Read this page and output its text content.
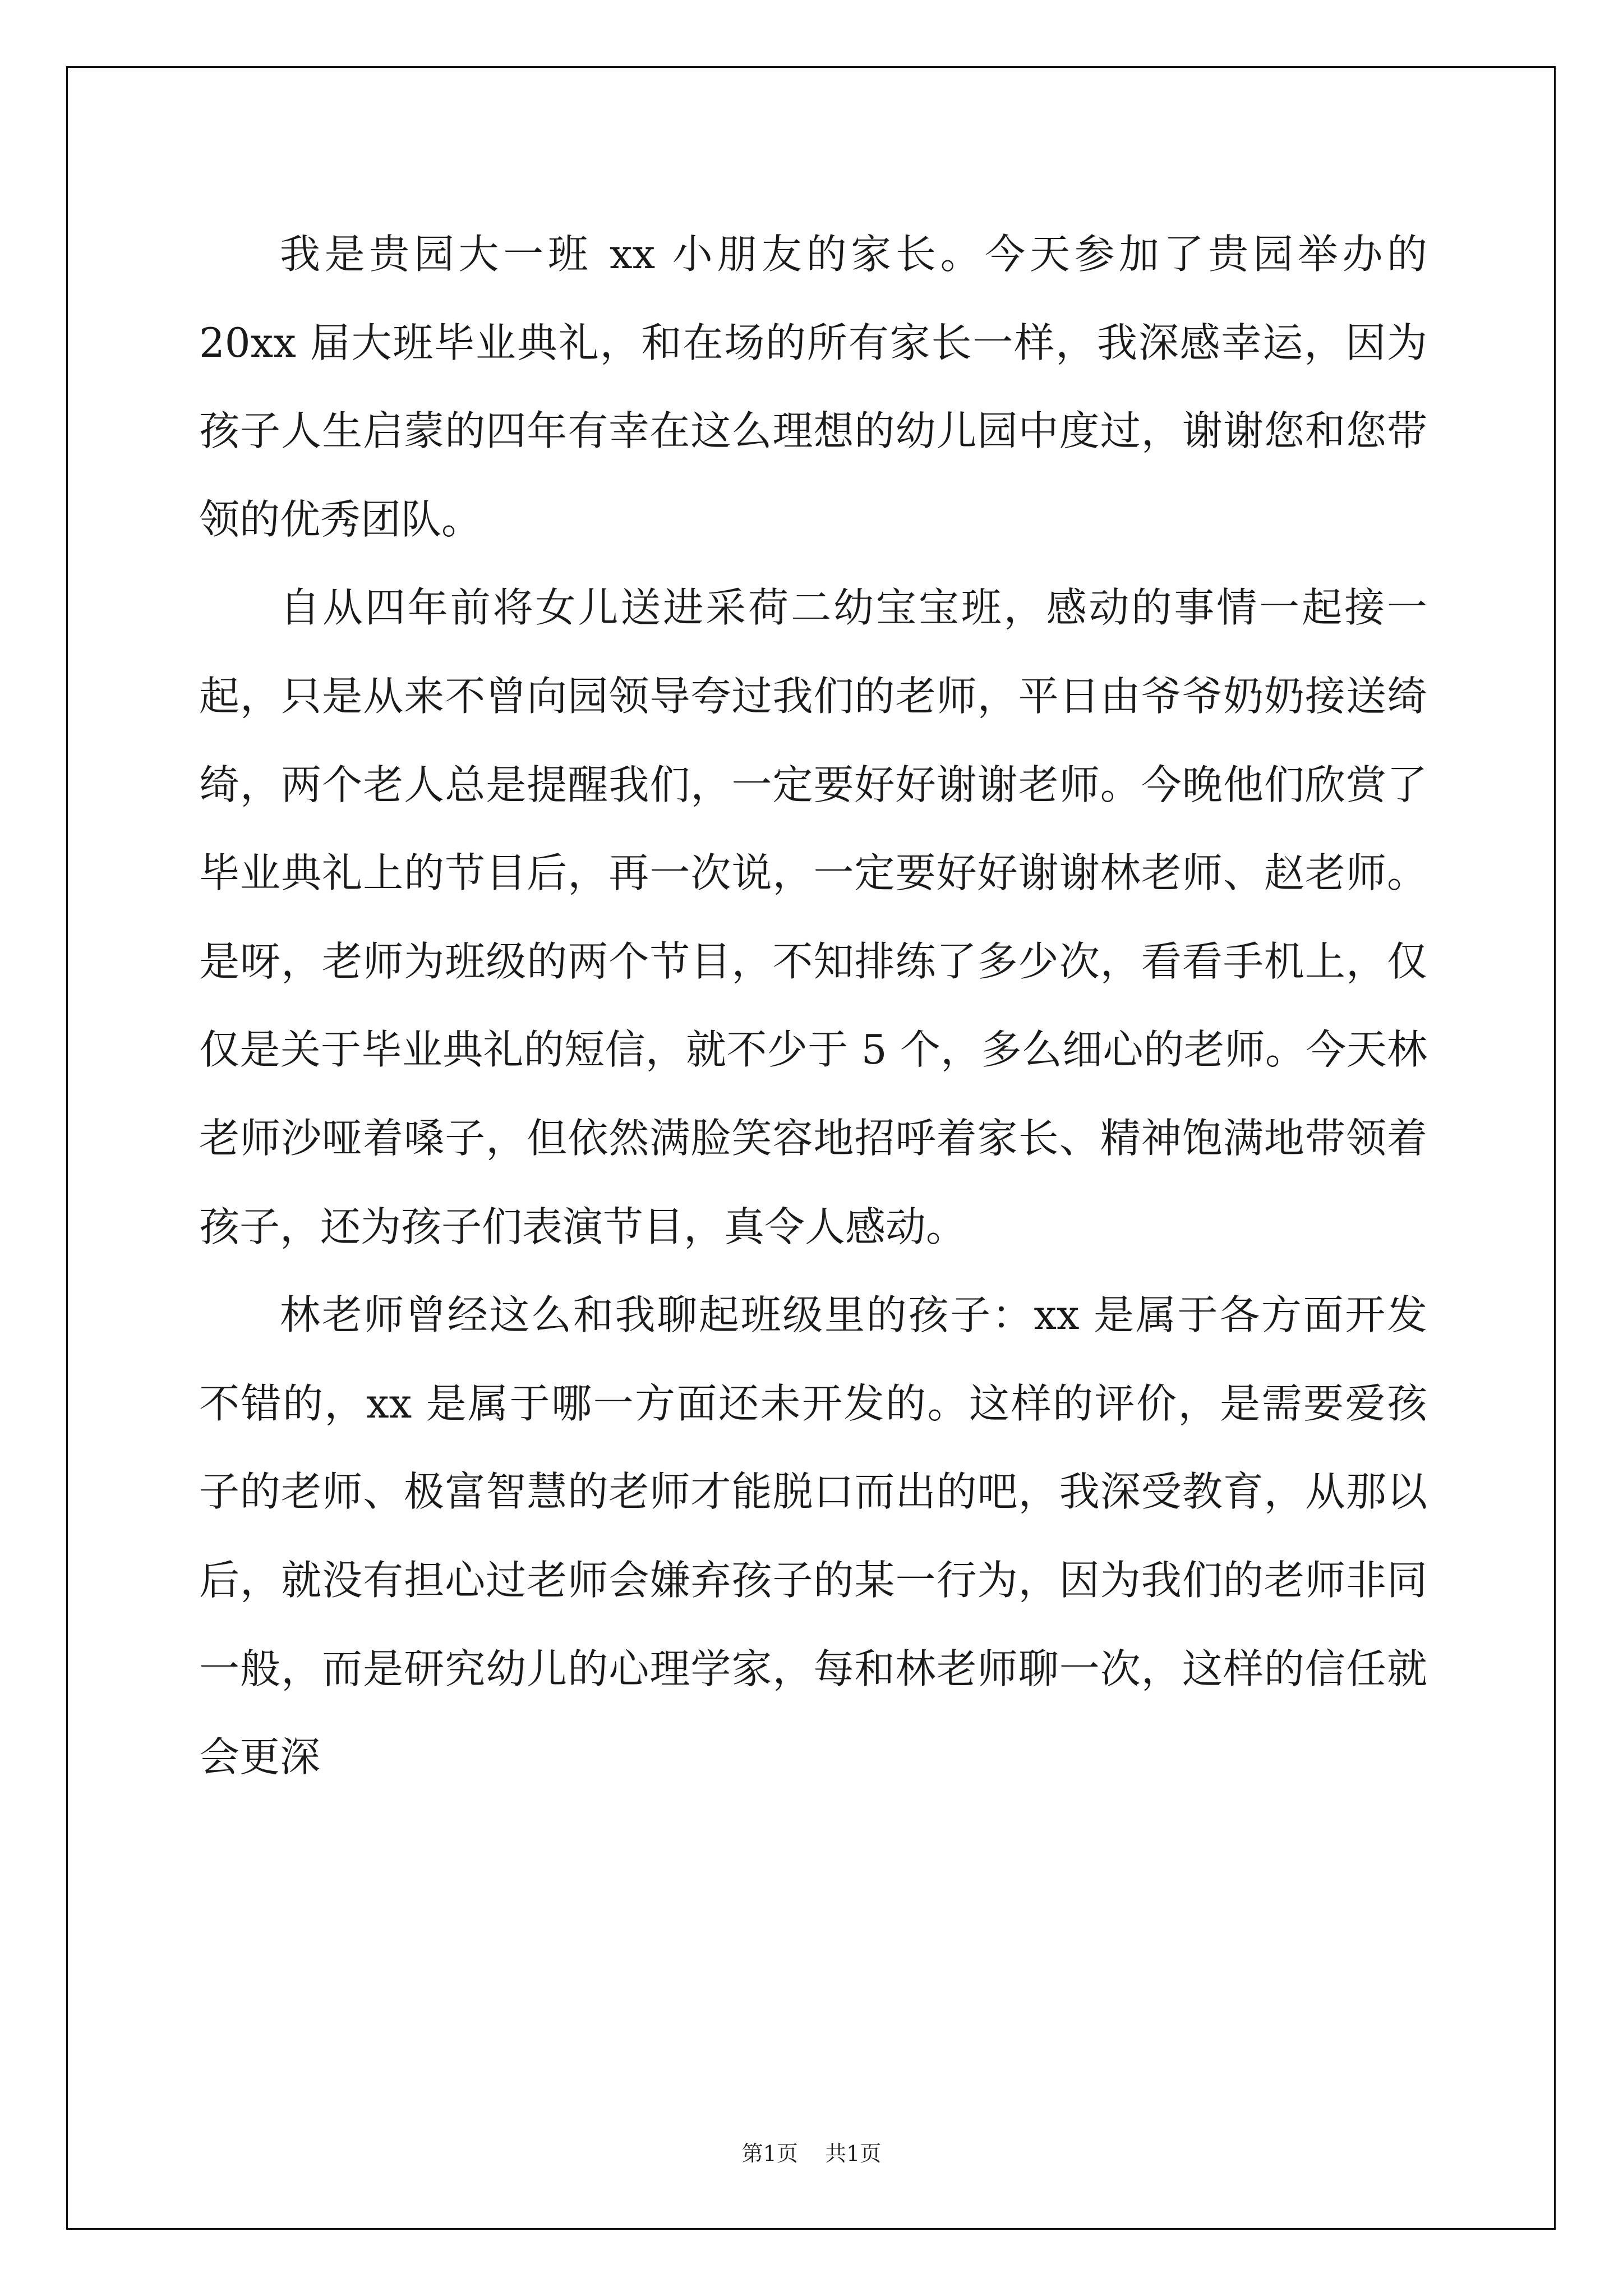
我是贵园大一班 xx 小朋友的家长。今天参加了贵园举办的 20xx 届大班毕业典礼，和在场的所有家长一样，我深感幸运，因为孩子人生启蒙的四年有幸在这么理想的幼儿园中度过，谢谢您和您带领的优秀团队。

自从四年前将女儿送进采荷二幼宝宝班，感动的事情一起接一起，只是从来不曾向园领导夸过我们的老师，平日由爷爷奶奶接送绮绮，两个老人总是提醒我们，一定要好好谢谢老师。今晚他们欣赏了毕业典礼上的节目后，再一次说，一定要好好谢谢林老师、赵老师。是呀，老师为班级的两个节目，不知排练了多少次，看看手机上，仅仅是关于毕业典礼的短信，就不少于 5 个，多么细心的老师。今天林老师沙哑着嗓子，但依然满脸笑容地招呼着家长、精神饱满地带领着孩子，还为孩子们表演节目，真令人感动。

林老师曾经这么和我聊起班级里的孩子：xx 是属于各方面开发不错的，xx 是属于哪一方面还未开发的。这样的评价，是需要爱孩子的老师、极富智慧的老师才能脱口而出的吧，我深受教育，从那以后，就没有担心过老师会嫌弃孩子的某一行为，因为我们的老师非同一般，而是研究幼儿的心理学家，每和林老师聊一次，这样的信任就会更深

第1页    共1页
